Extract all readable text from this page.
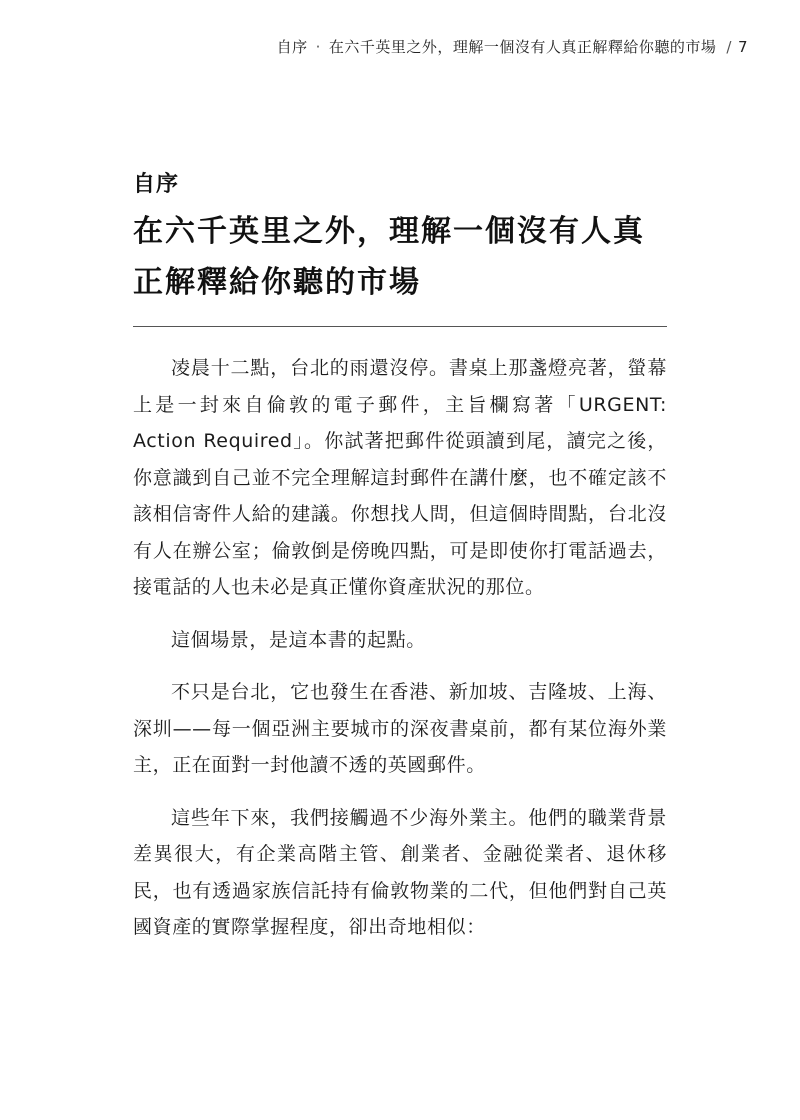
自序 · 在六千英里之外，理解一個沒有人真正解釋給你聽的市場 / 7
自序
在六千英里之外，理解一個沒有人真正解釋給你聽的市場

凌晨十二點，台北的雨還沒停。書桌上那盞燈亮著，螢幕上是一封來自倫敦的電子郵件，主旨欄寫著「URGENT: Action Required」。你試著把郵件從頭讀到尾，讀完之後，你意識到自己並不完全理解這封郵件在講什麼，也不確定該不該相信寄件人給的建議。你想找人問，但這個時間點，台北沒有人在辦公室；倫敦倒是傍晚四點，可是即使你打電話過去，接電話的人也未必是真正懂你資產狀況的那位。

這個場景，是這本書的起點。

不只是台北，它也發生在香港、新加坡、吉隆坡、上海、深圳——每一個亞洲主要城市的深夜書桌前，都有某位海外業主，正在面對一封他讀不透的英國郵件。

這些年下來，我們接觸過不少海外業主。他們的職業背景差異很大，有企業高階主管、創業者、金融從業者、退休移民，也有透過家族信託持有倫敦物業的二代，但他們對自己英國資產的實際掌握程度，卻出奇地相似：
